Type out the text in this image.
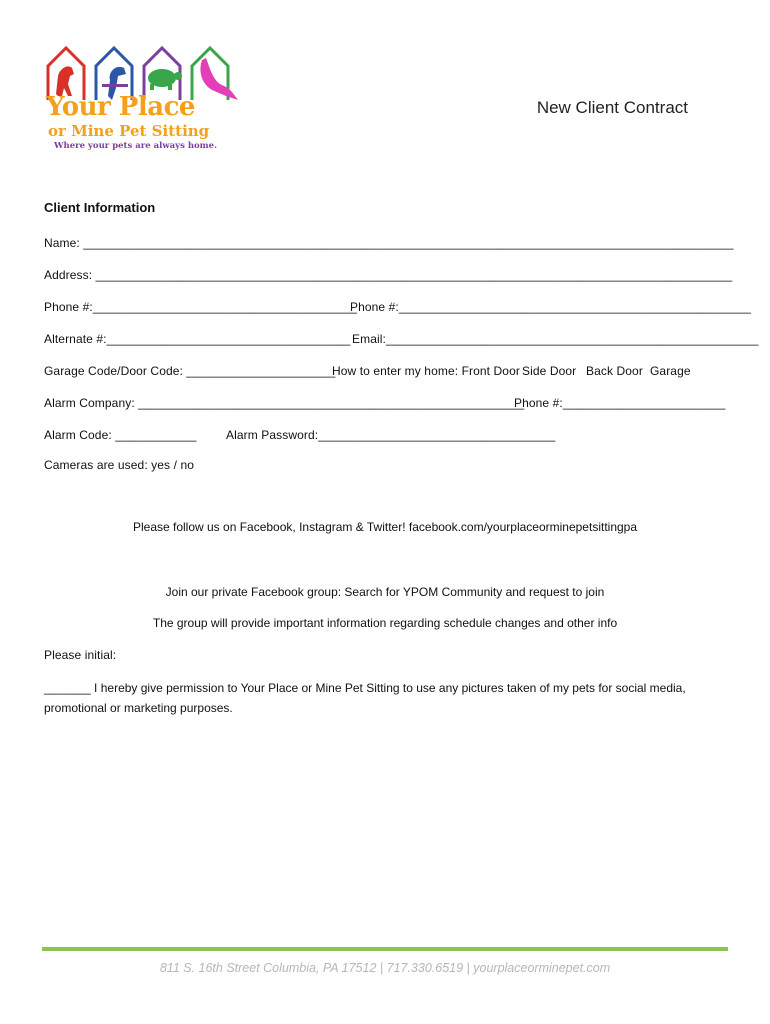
Your Place
or Mine Pet Sitting
Where your pets are always home.
New Client Contract
Client Information
Name: ________________________________________________________________________________________________
Address: ______________________________________________________________________________________________
Phone #:_______________________________________
Phone #:____________________________________________________
Alternate #:____________________________________ Email:_______________________________________________________
Garage Code/Door Code: ______________________
How to enter my home: Front Door Side Door Back Door Garage
Alarm Company: _________________________________________________________
Phone #:________________________
Alarm Code: ____________ Alarm Password:___________________________________
Cameras are used: yes / no
Please follow us on Facebook, Instagram & Twitter! facebook.com/yourplaceorminepetsittingpa
Join our private Facebook group: Search for YPOM Community and request to join
The group will provide important information regarding schedule changes and other info
Please initial:
_______ I hereby give permission to Your Place or Mine Pet Sitting to use any pictures taken of my pets for social media, promotional or marketing purposes.
811 S. 16th Street Columbia, PA 17512 | 717.330.6519 | yourplaceorminepet.com
